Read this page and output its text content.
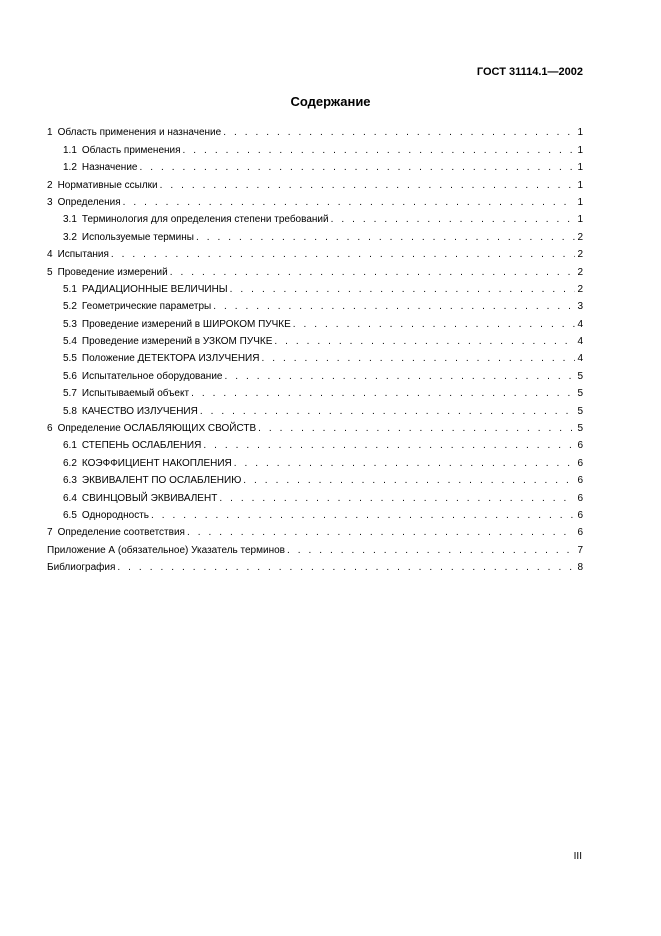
ГОСТ 31114.1—2002
Содержание
1 Область применения и назначение . . .	1
1.1 Область применения . . .	1
1.2 Назначение . . .	1
2 Нормативные ссылки . . .	1
3 Определения . . .	1
3.1 Терминология для определения степени требований . . .	1
3.2 Используемые термины . . .	2
4 Испытания . . .	2
5 Проведение измерений . . .	2
5.1 РАДИАЦИОННЫЕ ВЕЛИЧИНЫ . . .	2
5.2 Геометрические параметры . . .	3
5.3 Проведение измерений в ШИРОКОМ ПУЧКЕ . . .	4
5.4 Проведение измерений в УЗКОМ ПУЧКЕ . . .	4
5.5 Положение ДЕТЕКТОРА ИЗЛУЧЕНИЯ . . .	4
5.6 Испытательное оборудование . . .	5
5.7 Испытываемый объект . . .	5
5.8 КАЧЕСТВО ИЗЛУЧЕНИЯ . . .	5
6 Определение ОСЛАБЛЯЮЩИХ СВОЙСТВ . . .	5
6.1 СТЕПЕНЬ ОСЛАБЛЕНИЯ . . .	6
6.2 КОЭФФИЦИЕНТ НАКОПЛЕНИЯ . . .	6
6.3 ЭКВИВАЛЕНТ ПО ОСЛАБЛЕНИЮ . . .	6
6.4 СВИНЦОВЫЙ ЭКВИВАЛЕНТ . . .	6
6.5 Однородность . . .	6
7 Определение соответствия . . .	6
Приложение А (обязательное) Указатель терминов . . .	7
Библиография . . .	8
III
